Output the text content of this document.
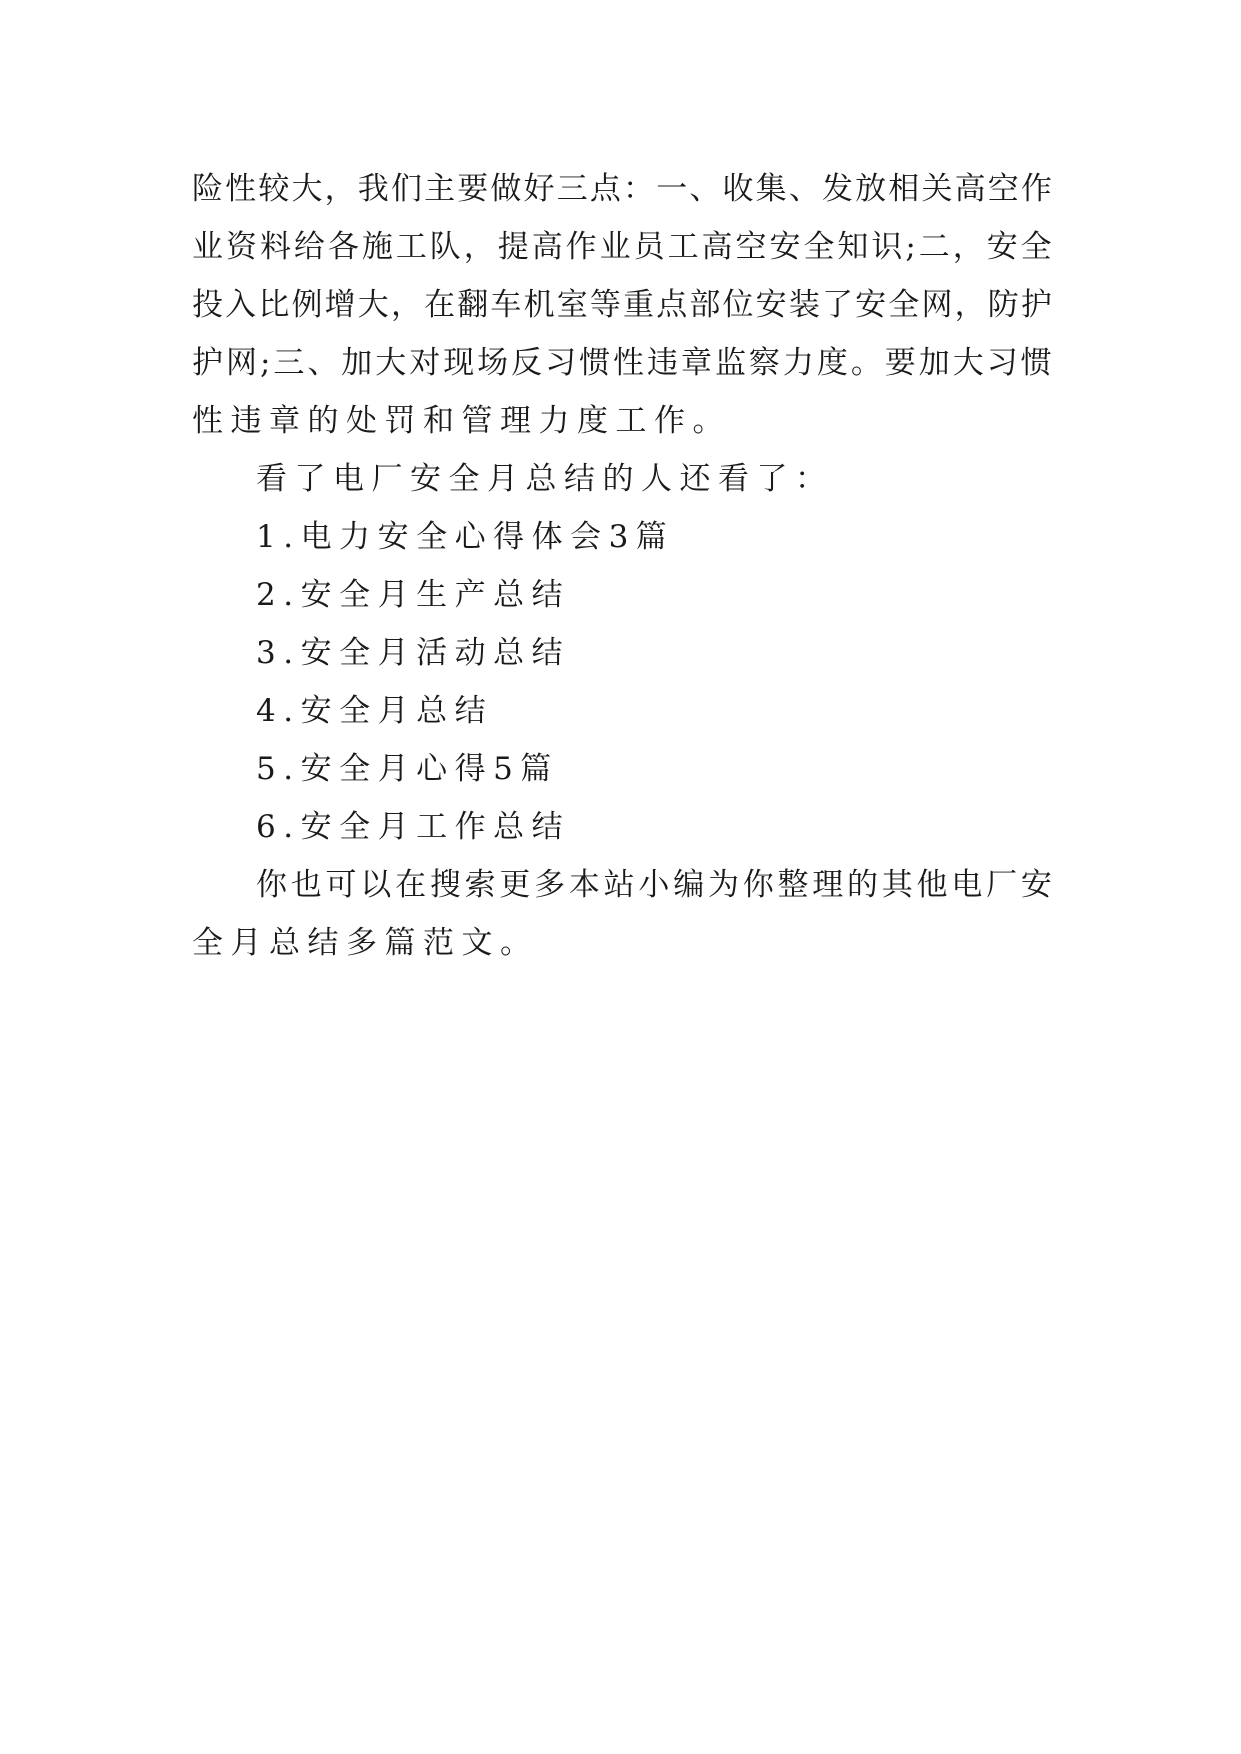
险 性 较 大 ， 我 们 主 要 做 好 三 点 ： 一 、 收 集 、 发 放 相 关 高 空 作
业 资 料 给 各 施 工 队 ， 提 高 作 业 员 工 高 空 安 全 知 识 ; 二 ， 安 全
投 入 比 例 增 大 ， 在 翻 车 机 室 等 重 点 部 位 安 装 了 安 全 网 ， 防 护
护 网 ; 三 、 加 大 对 现 场 反 习 惯 性 违 章 监 察 力 度 。 要 加 大 习 惯
性违章的处罚和管理力度工作。
看了电厂安全月总结的人还看了：
1.电力安全心得体会3篇
2.安全月生产总结
3.安全月活动总结
4.安全月总结
5.安全月心得5篇
6.安全月工作总结
你 也 可 以 在 搜 索 更 多 本 站 小 编 为 你 整 理 的 其 他 电 厂 安
全月总结多篇范文。
